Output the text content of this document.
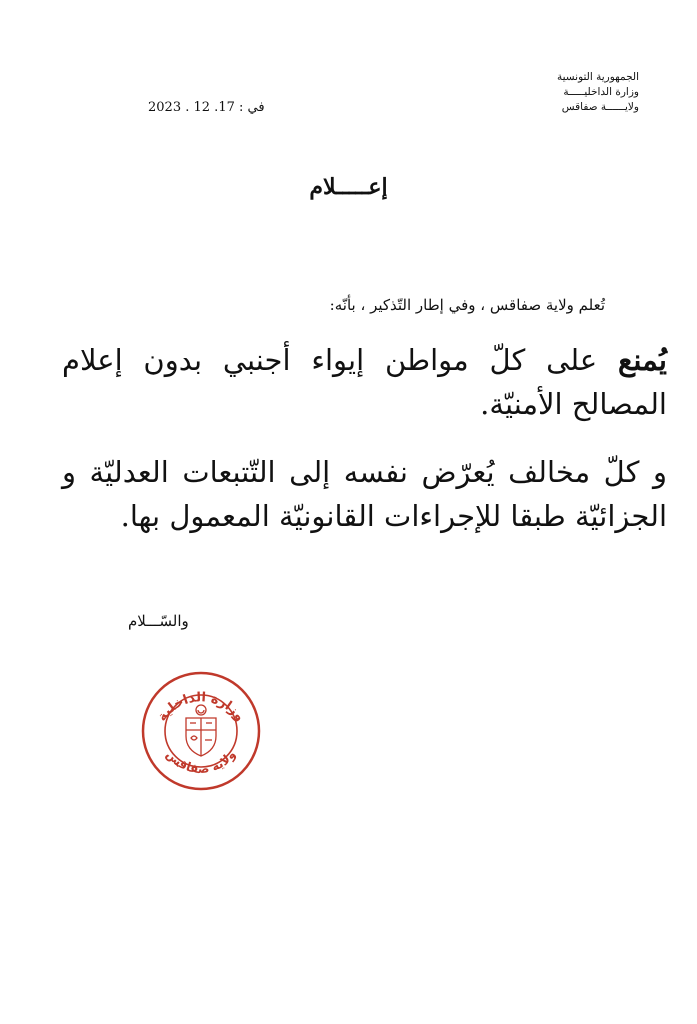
الجمهورية التونسية
وزارة الداخليـــــة
ولايــــــة صفاقس
في : 17. 12 . 2023
إعـــــلام
تُعلم ولاية صفاقس ، وفي إطار التّذكير ، بأنّه:

يُمنع على كلّ مواطن إيواء أجنبي بدون إعلام المصالح الأمنيّة.

و كلّ مخالف يُعرّض نفسه إلى التّتبعات العدليّة و الجزائيّة طبقا للإجراءات القانونيّة المعمول بها.

والسّـــلام
وزارة الداخلية
ولاية صفاقس
